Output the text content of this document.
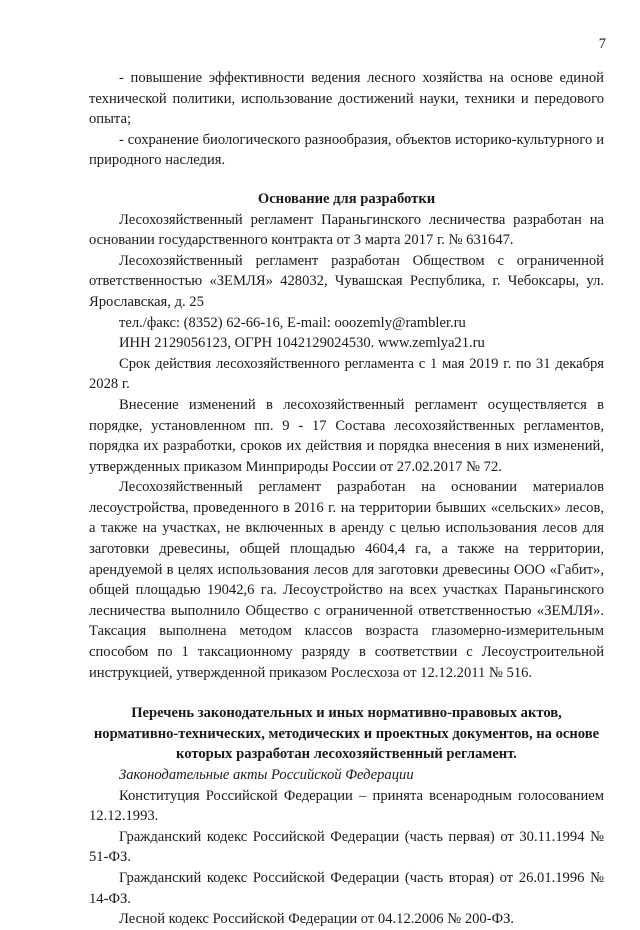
7

- повышение эффективности ведения лесного хозяйства на основе единой технической политики, использование достижений науки, техники и передового опыта;

- сохранение биологического разнообразия, объектов историко-культурного и природного наследия.

Основание для разработки

Лесохозяйственный регламент Параньгинского лесничества разработан на основании государственного контракта от 3 марта 2017 г. № 631647.

Лесохозяйственный регламент разработан Обществом с ограниченной ответственностью «ЗЕМЛЯ» 428032, Чувашская Республика, г. Чебоксары, ул. Ярославская, д. 25

тел./факс: (8352) 62-66-16, E-mail: ooozemly@rambler.ru

ИНН 2129056123, ОГРН 1042129024530. www.zemlya21.ru

Срок действия лесохозяйственного регламента с 1 мая 2019 г. по 31 декабря 2028 г.

Внесение изменений в лесохозяйственный регламент осуществляется в порядке, установленном пп. 9 - 17 Состава лесохозяйственных регламентов, порядка их разработки, сроков их действия и порядка внесения в них изменений, утвержденных приказом Минприроды России от 27.02.2017 № 72.

Лесохозяйственный регламент разработан на основании материалов лесоустройства, проведенного в 2016 г. на территории бывших «сельских» лесов, а также на участках, не включенных в аренду с целью использования лесов для заготовки древесины, общей площадью 4604,4 га, а также на территории, арендуемой в целях использования лесов для заготовки древесины ООО «Габит», общей площадью 19042,6 га. Лесоустройство на всех участках Параньгинского лесничества выполнило Общество с ограниченной ответственностью «ЗЕМЛЯ». Таксация выполнена методом классов возраста глазомерно-измерительным способом по 1 таксационному разряду в соответствии с Лесоустроительной инструкцией, утвержденной приказом Рослесхоза от 12.12.2011 № 516.

Перечень законодательных и иных нормативно-правовых актов, нормативно-технических, методических и проектных документов, на основе которых разработан лесохозяйственный регламент.

Законодательные акты Российской Федерации

Конституция Российской Федерации – принята всенародным голосованием 12.12.1993.

Гражданский кодекс Российской Федерации (часть первая) от 30.11.1994 № 51-ФЗ.

Гражданский кодекс Российской Федерации (часть вторая) от 26.01.1996 № 14-ФЗ.

Лесной кодекс Российской Федерации от 04.12.2006 № 200-ФЗ.
